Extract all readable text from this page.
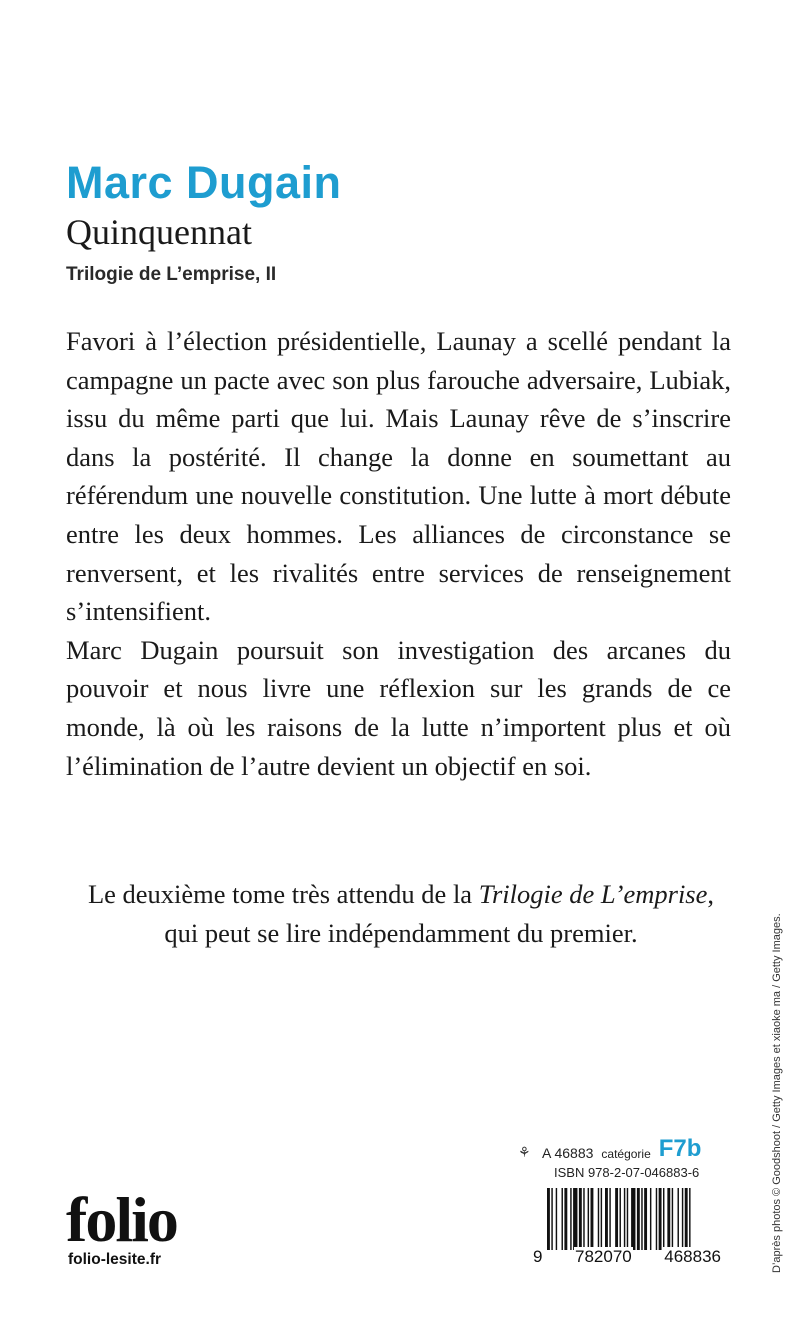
Marc Dugain
Quinquennat
Trilogie de L’emprise, II

Favori à l’élection présidentielle, Launay a scellé pendant la campagne un pacte avec son plus farouche adversaire, Lubiak, issu du même parti que lui. Mais Launay rêve de s’inscrire dans la postérité. Il change la donne en soumettant au référendum une nouvelle constitution. Une lutte à mort débute entre les deux hommes. Les alliances de circonstance se renversent, et les rivalités entre services de renseignement s’intensifient.

Marc Dugain poursuit son investigation des arcanes du pouvoir et nous livre une réflexion sur les grands de ce monde, là où les raisons de la lutte n’importent plus et où l’élimination de l’autre devient un objectif en soi.

Le deuxième tome très attendu de la Trilogie de L’emprise,
qui peut se lire indépendamment du premier.	D’après photos © Goodshoot / Getty Images et xiaoke ma / Getty Images.
⚘ A 46883 catégorie F7b
ISBN 978-2-07-046883-6
9 782070 468836
folio
folio-lesite.fr
